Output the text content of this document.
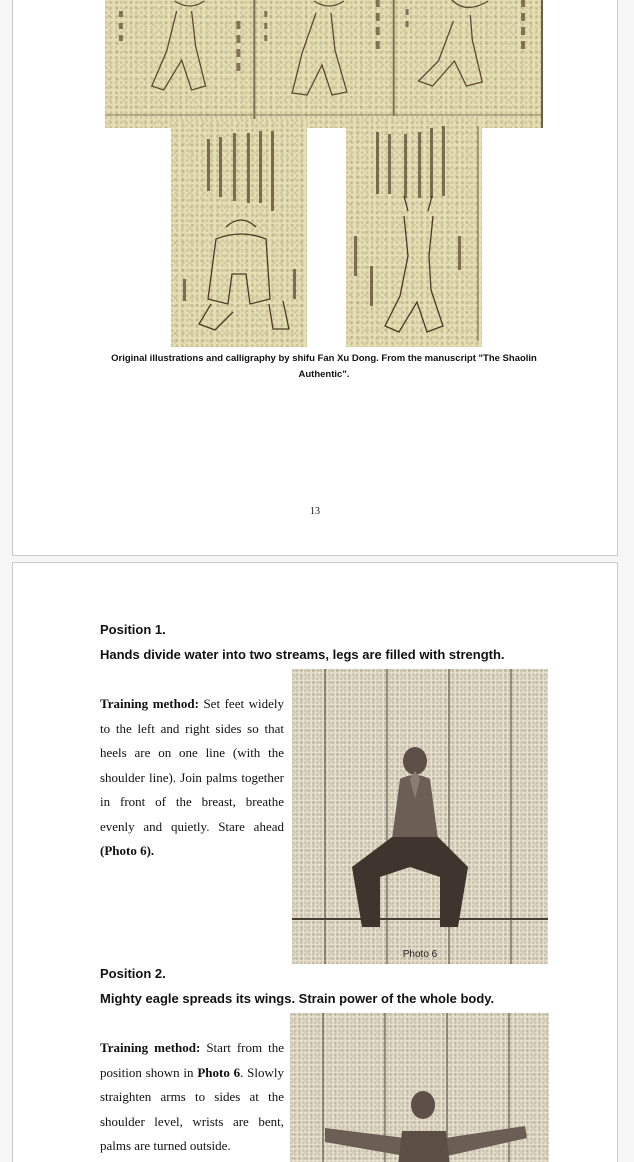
Original illustrations and calligraphy by shifu Fan Xu Dong. From the manuscript "The Shaolin Authentic".
13
Position 1.
Hands divide water into two streams, legs are filled with strength.
Training method: Set feet widely to the left and right sides so that heels are on one line (with the shoulder line). Join palms together in front of the breast, breathe evenly and quietly. Stare ahead (Photo 6).
Photo 6
Position 2.
Mighty eagle spreads its wings. Strain power of the whole body.
Training method: Start from the position shown in Photo 6. Slowly straighten arms to sides at the shoulder level, wrists are bent, palms are turned outside.
